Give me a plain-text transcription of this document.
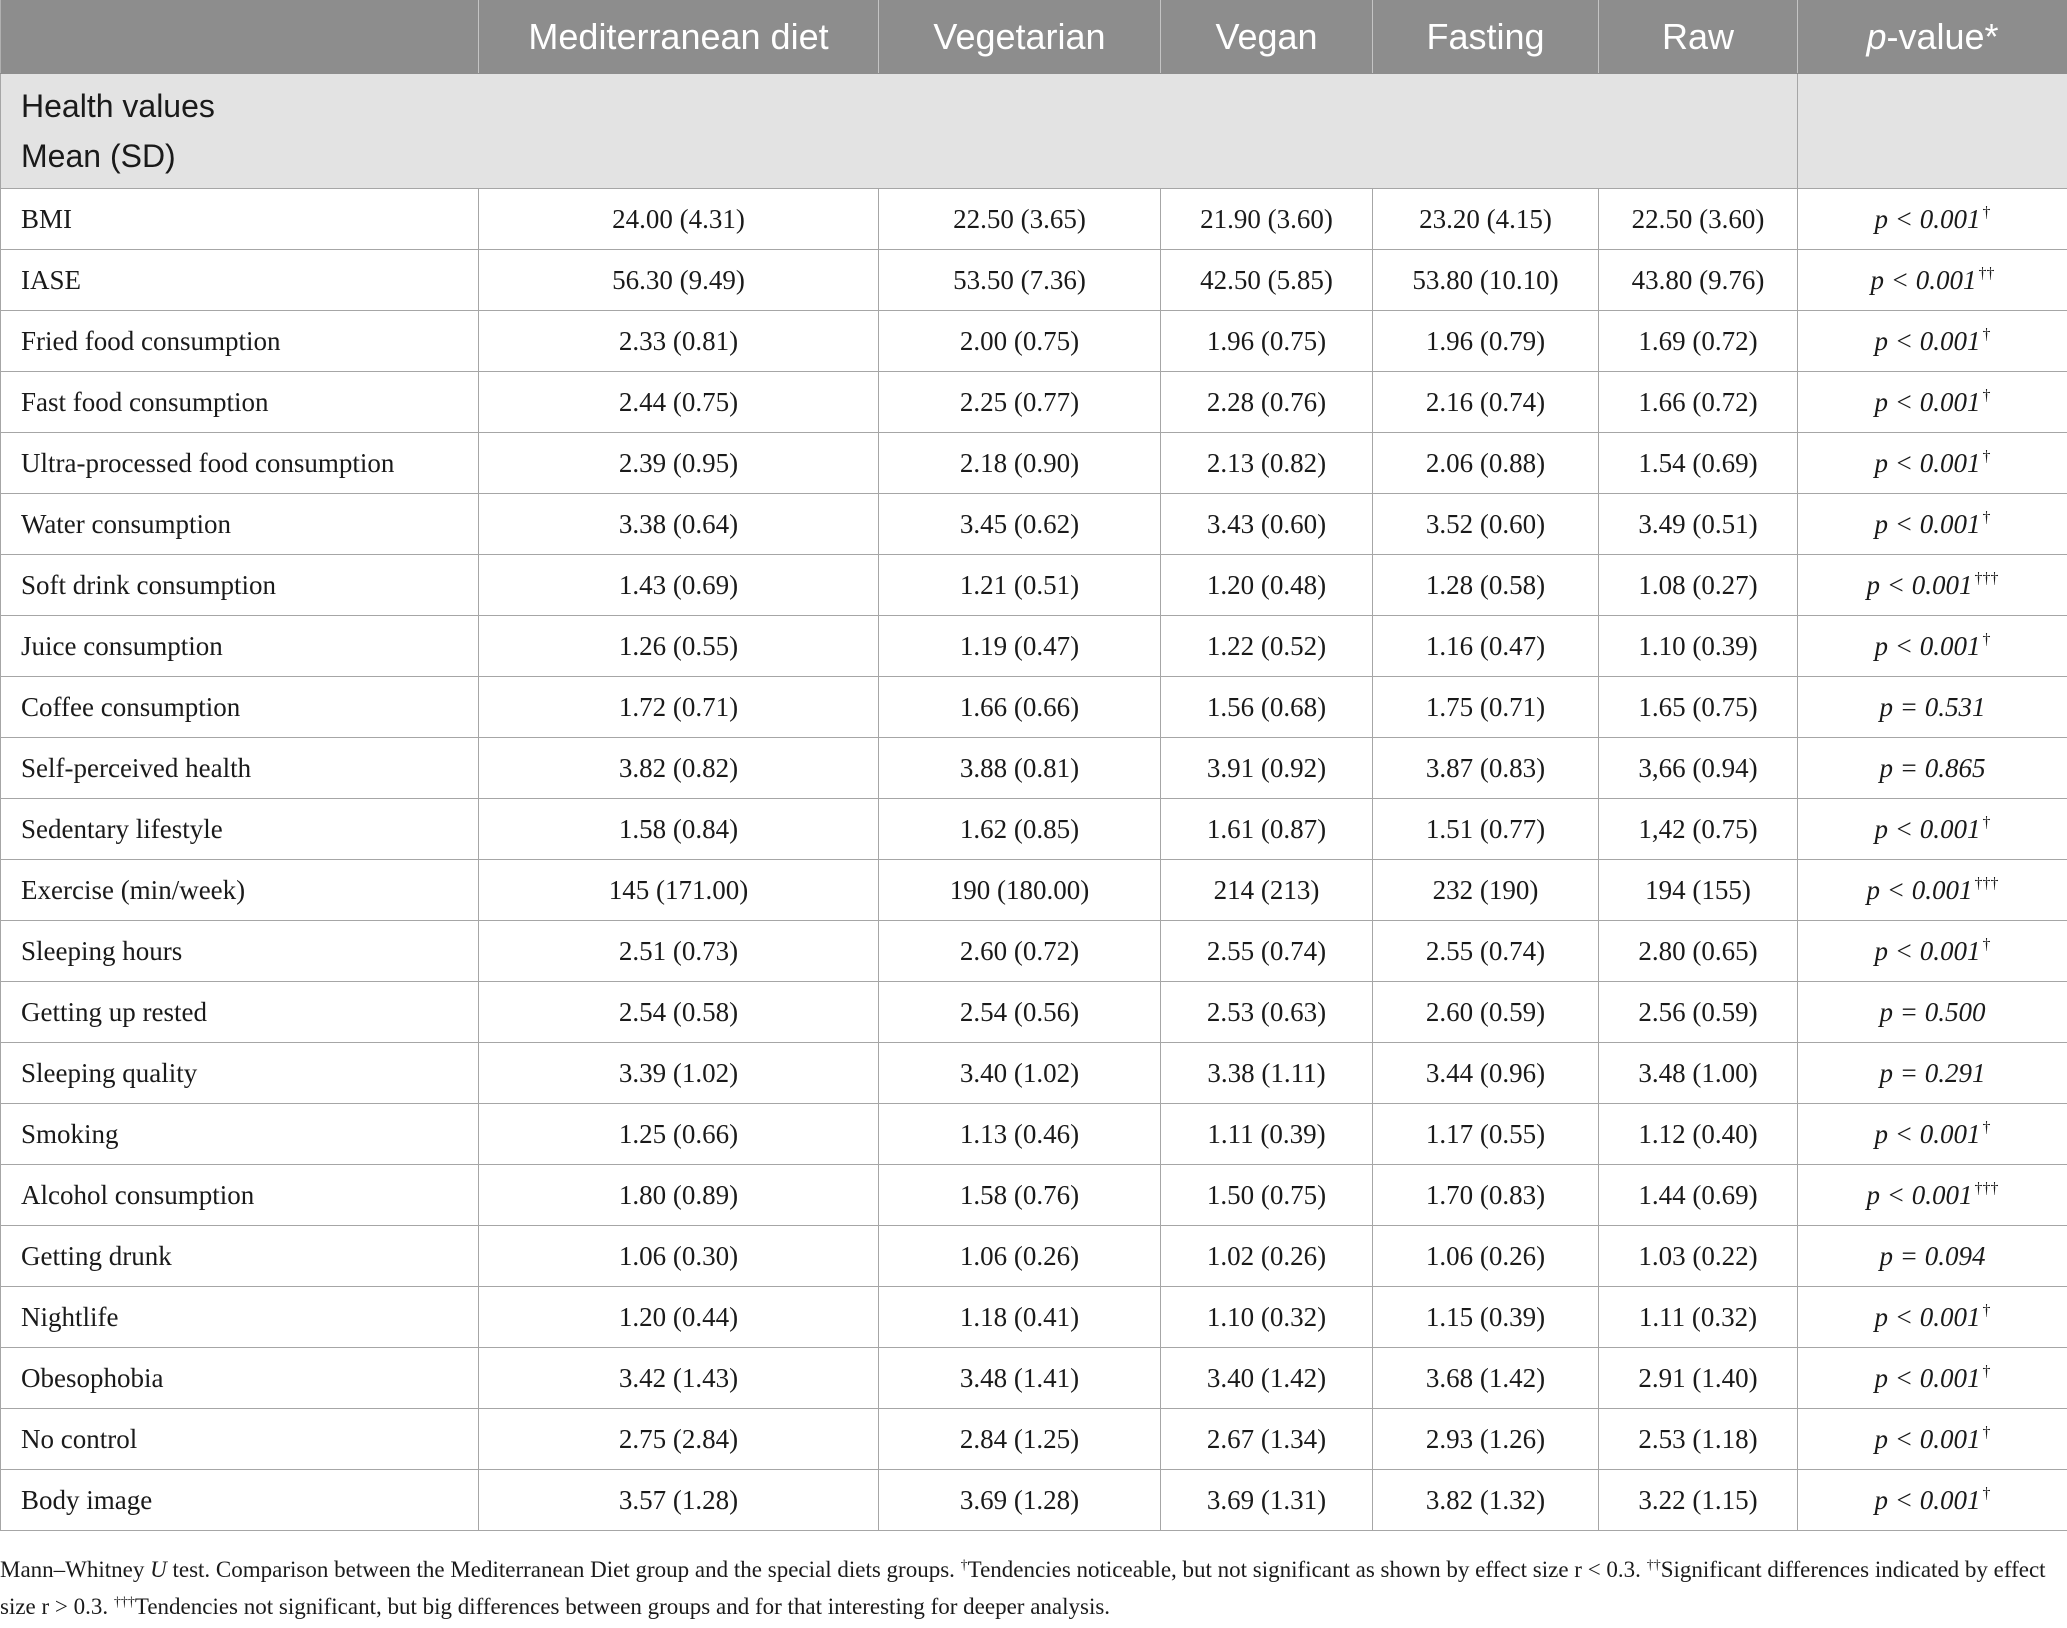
	Mediterranean diet	Vegetarian	Vegan	Fasting	Raw	p-value*

Health values
Mean (SD)						

BMI	24.00 (4.31)	22.50 (3.65)	21.90 (3.60)	23.20 (4.15)	22.50 (3.60)	p < 0.001 †
IASE	56.30 (9.49)	53.50 (7.36)	42.50 (5.85)	53.80 (10.10)	43.80 (9.76)	p < 0.001 ††
Fried food consumption	2.33 (0.81)	2.00 (0.75)	1.96 (0.75)	1.96 (0.79)	1.69 (0.72)	p < 0.001 †
Fast food consumption	2.44 (0.75)	2.25 (0.77)	2.28 (0.76)	2.16 (0.74)	1.66 (0.72)	p < 0.001 †
Ultra-processed food consumption	2.39 (0.95)	2.18 (0.90)	2.13 (0.82)	2.06 (0.88)	1.54 (0.69)	p < 0.001 †
Water consumption	3.38 (0.64)	3.45 (0.62)	3.43 (0.60)	3.52 (0.60)	3.49 (0.51)	p < 0.001 †
Soft drink consumption	1.43 (0.69)	1.21 (0.51)	1.20 (0.48)	1.28 (0.58)	1.08 (0.27)	p < 0.001 †††
Juice consumption	1.26 (0.55)	1.19 (0.47)	1.22 (0.52)	1.16 (0.47)	1.10 (0.39)	p < 0.001 †
Coffee consumption	1.72 (0.71)	1.66 (0.66)	1.56 (0.68)	1.75 (0.71)	1.65 (0.75)	p = 0.531
Self-perceived health	3.82 (0.82)	3.88 (0.81)	3.91 (0.92)	3.87 (0.83)	3,66 (0.94)	p = 0.865
Sedentary lifestyle	1.58 (0.84)	1.62 (0.85)	1.61 (0.87)	1.51 (0.77)	1,42 (0.75)	p < 0.001 †
Exercise (min/week)	145 (171.00)	190 (180.00)	214 (213)	232 (190)	194 (155)	p < 0.001 †††
Sleeping hours	2.51 (0.73)	2.60 (0.72)	2.55 (0.74)	2.55 (0.74)	2.80 (0.65)	p < 0.001 †
Getting up rested	2.54 (0.58)	2.54 (0.56)	2.53 (0.63)	2.60 (0.59)	2.56 (0.59)	p = 0.500
Sleeping quality	3.39 (1.02)	3.40 (1.02)	3.38 (1.11)	3.44 (0.96)	3.48 (1.00)	p = 0.291
Smoking	1.25 (0.66)	1.13 (0.46)	1.11 (0.39)	1.17 (0.55)	1.12 (0.40)	p < 0.001 †
Alcohol consumption	1.80 (0.89)	1.58 (0.76)	1.50 (0.75)	1.70 (0.83)	1.44 (0.69)	p < 0.001 †††
Getting drunk	1.06 (0.30)	1.06 (0.26)	1.02 (0.26)	1.06 (0.26)	1.03 (0.22)	p = 0.094
Nightlife	1.20 (0.44)	1.18 (0.41)	1.10 (0.32)	1.15 (0.39)	1.11 (0.32)	p < 0.001 †
Obesophobia	3.42 (1.43)	3.48 (1.41)	3.40 (1.42)	3.68 (1.42)	2.91 (1.40)	p < 0.001 †
No control	2.75 (2.84)	2.84 (1.25)	2.67 (1.34)	2.93 (1.26)	2.53 (1.18)	p < 0.001 †
Body image	3.57 (1.28)	3.69 (1.28)	3.69 (1.31)	3.82 (1.32)	3.22 (1.15)	p < 0.001 †
Mann–Whitney U test. Comparison between the Mediterranean Diet group and the special diets groups. †Tendencies noticeable, but not significant as shown by effect size r < 0.3. ††Significant differences indicated by effect size r > 0.3. †††Tendencies not significant, but big differences between groups and for that interesting for deeper analysis.
